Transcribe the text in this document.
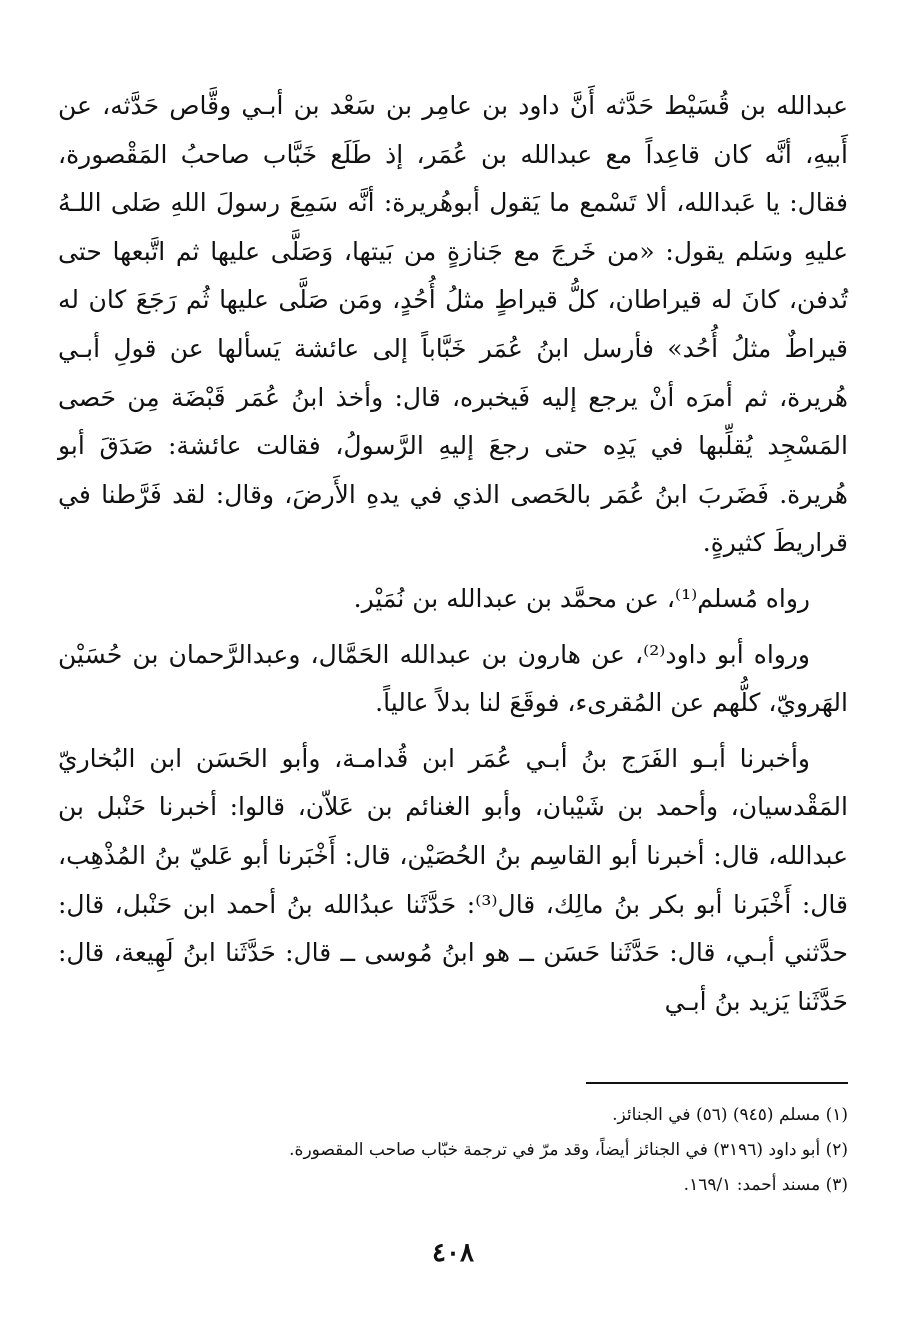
عبدالله بن قُسَيْط حَدَّثه أَنَّ داود بن عامِر بن سَعْد بن أبـي وقَّاص حَدَّثه، عن أَبيهِ، أنَّه كان قاعِداً مع عبدالله بن عُمَر، إذ طَلَع خَبَّاب صاحبُ المَقْصورة، فقال: يا عَبدالله، ألا تَسْمع ما يَقول أبوهُريرة: أنَّه سَمِعَ رسولَ اللهِ صَلى اللـهُ عليهِ وسَلم يقول: «من خَرجَ مع جَنازةٍ من بَيتها، وَصَلَّى عليها ثم اتَّبعها حتى تُدفن، كانَ له قيراطان، كلُّ قيراطٍ مثلُ أُحُدٍ، ومَن صَلَّى عليها ثُم رَجَعَ كان له قيراطٌ مثلُ أُحُد» فأرسل ابنُ عُمَر خَبَّاباً إلى عائشة يَسألها عن قولِ أبـي هُريرة، ثم أمرَه أنْ يرجع إليه فَيخبره، قال: وأخذ ابنُ عُمَر قَبْضَة مِن حَصى المَسْجِد يُقلِّبها في يَدِه حتى رجعَ إليهِ الرَّسولُ، فقالت عائشة: صَدَقَ أبو هُريرة. فَضَربَ ابنُ عُمَر بالحَصى الذي في يدهِ الأَرضَ، وقال: لقد فَرَّطنا في قراريطَ كثيرةٍ.

رواه مُسلم⁽¹⁾، عن محمَّد بن عبدالله بن نُمَيْر.

ورواه أبو داود⁽²⁾، عن هارون بن عبدالله الحَمَّال، وعبدالرَّحمان بن حُسَيْن الهَرويّ، كلُّهم عن المُقرىء، فوقَعَ لنا بدلاً عالياً.

وأخبرنا أبـو الفَرَج بنُ أبـي عُمَر ابن قُدامـة، وأبو الحَسَن ابن البُخاريّ المَقْدسيان، وأحمد بن شَيْبان، وأبو الغنائم بن عَلاّن، قالوا: أخبرنا حَنْبل بن عبدالله، قال: أخبرنا أبو القاسِم بنُ الحُصَيْن، قال: أَخْبَرنا أبو عَليّ بنُ المُذْهِب، قال: أَخْبَرنا أبو بكر بنُ مالِك، قال⁽³⁾: حَدَّثَنا عبدُالله بنُ أحمد ابن حَنْبل، قال: حدَّثني أبـي، قال: حَدَّثَنا حَسَن ــ هو ابنُ مُوسى ــ قال: حَدَّثَنا ابنُ لَهِيعة، قال: حَدَّثَنا يَزيد بنُ أبـي

(١) مسلم (٩٤٥) (٥٦) في الجنائز.
(٢) أبو داود (٣١٩٦) في الجنائز أيضاً، وقد مرّ في ترجمة خبّاب صاحب المقصورة.
(٣) مسند أحمد: ١٦٩/١.
٤٠٨
